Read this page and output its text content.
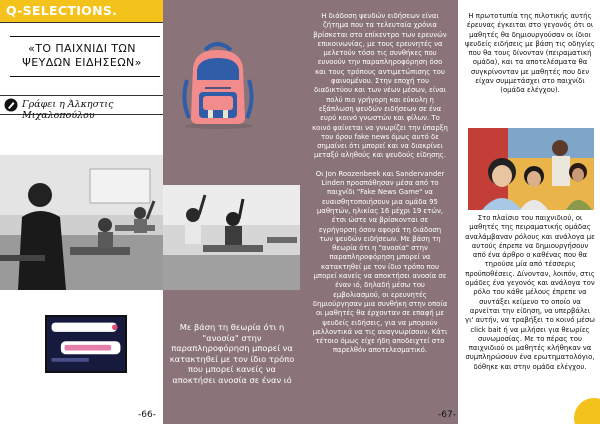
Q-SELECTIONS.
«ΤΟ ΠΑΙΧΝΙΔΙ ΤΩΝ ΨΕΥΔΩΝ ΕΙΔΗΣΕΩΝ»
Γράφει η Άλκηστις Μιχαλοπούλου
Με βάση τη θεωρία ότι η "ανοσία" στην παραπληροφόρηση μπορεί να κατακτηθεί με τον ίδιο τρόπο που μπορεί κανείς να αποκτήσει ανοσία σε έναν ιό
-66-

Η διάδοση ψευδών ειδήσεων είναι ζήτημα που τα τελευταία χρόνια βρίσκεται στο επίκεντρο των ερευνών επικοινωνίας, με τους ερευνητές να μελετούν τόσο τις συνθήκες που ευνοούν την παραπληροφόρηση όσο και τους τρόπους αντιμετώπισης του φαινομένου. Στην εποχή του διαδικτύου και των νέων μέσων, είναι πολύ πιο γρήγορη και εύκολη η εξάπλωση ψευδών ειδήσεων σε ένα ευρύ κοινό γνωστών και φίλων. Το κοινό φαίνεται να γνωρίζει την ύπαρξη του όρου fake news όμως αυτό δε σημαίνει ότι μπορεί και να διακρίνει μεταξύ αληθούς και ψευδούς είδησης.

Οι Jon Roozenbeek και Sandervander Linden προσπάθησαν μέσα από το παιχνίδι "Fake News Game" να ευαισθητοποιήσουν μια ομάδα 95 μαθητών, ηλικίας 16 μέχρι 19 ετών, έτσι ώστε να βρίσκονται σε εγρήγορση όσον αφορά τη διάδοση των ψευδών ειδήσεων. Με βάση τη θεωρία ότι η "ανοσία" στην παραπληροφόρηση μπορεί να κατακτηθεί με τον ίδιο τρόπο που μπορεί κανείς να αποκτήσει ανοσία σε έναν ιό, δηλαδή μέσω του εμβολιασμού, οι ερευνητές δημιούργησαν μια συνθήκη στην οποία οι μαθητές θα έρχονταν σε επαφή με ψευδείς ειδήσεις, για να μπορούν μελλοντικά να τις αναγνωρίσουν. Κάτι τέτοιο όμως είχε ήδη αποδειχτεί στο παρελθόν αποτελεσματικό.

Η πρωτοτυπία της πιλοτικής αυτής έρευνας έγκειται στο γεγονός ότι οι μαθητές θα δημιουργούσαν οι ίδιοι ψευδείς ειδήσεις με βάση τις οδηγίες που θα τους δίνονταν (πειραματική ομάδα), και τα αποτελέσματα θα συγκρίνονταν με μαθητές που δεν είχαν συμμετάσχει στο παιχνίδι (ομάδα ελέγχου).
Στο πλαίσιο του παιχνιδιού, οι μαθητές της πειραματικής ομάδας αναλάμβαναν ρόλους και ανάλογα με αυτούς έπρεπε να δημιουργήσουν από ένα άρθρο ο καθένας που θα τηρούσε μία από τέσσερις προϋποθέσεις. Δίνονταν, λοιπόν, στις ομάδες ένα γεγονός και ανάλογα τον ρόλο του κάθε μέλους έπρεπε να συντάξει κείμενο το οποίο να αρνείται την είδηση, να υπερβάλει γι' αυτήν, να τραβήξει το κοινό μέσω click bait ή να μιλήσει για θεωρίες συνωμοσίας. Με το πέρας του παιχνιδιού οι μαθητές κλήθηκαν να συμπληρώσουν ένα ερωτηματολόγιο, δόθηκε και στην ομάδα ελέγχου.
-67-
